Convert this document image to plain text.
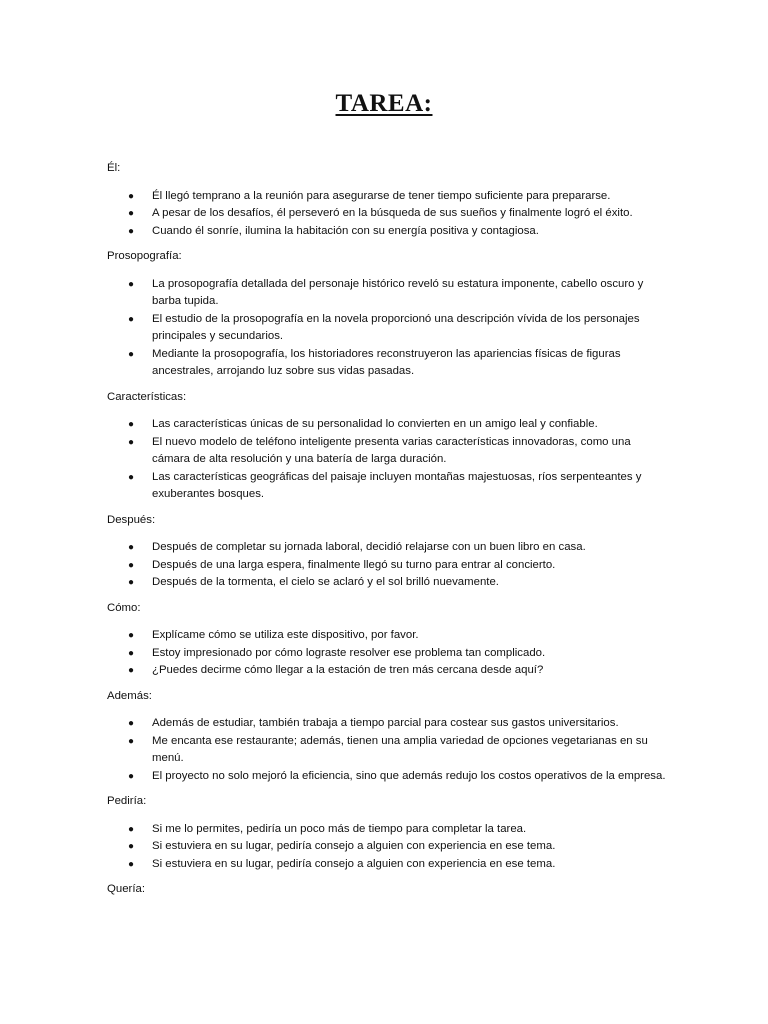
TAREA:
Él:
● Él llegó temprano a la reunión para asegurarse de tener tiempo suficiente para prepararse.
● A pesar de los desafíos, él perseveró en la búsqueda de sus sueños y finalmente logró el éxito.
● Cuando él sonríe, ilumina la habitación con su energía positiva y contagiosa.
Prosopografía:
● La prosopografía detallada del personaje histórico reveló su estatura imponente, cabello oscuro y barba tupida.
● El estudio de la prosopografía en la novela proporcionó una descripción vívida de los personajes principales y secundarios.
● Mediante la prosopografía, los historiadores reconstruyeron las apariencias físicas de figuras ancestrales, arrojando luz sobre sus vidas pasadas.
Características:
● Las características únicas de su personalidad lo convierten en un amigo leal y confiable.
● El nuevo modelo de teléfono inteligente presenta varias características innovadoras, como una cámara de alta resolución y una batería de larga duración.
● Las características geográficas del paisaje incluyen montañas majestuosas, ríos serpenteantes y exuberantes bosques.
Después:
● Después de completar su jornada laboral, decidió relajarse con un buen libro en casa.
● Después de una larga espera, finalmente llegó su turno para entrar al concierto.
● Después de la tormenta, el cielo se aclaró y el sol brilló nuevamente.
Cómo:
● Explícame cómo se utiliza este dispositivo, por favor.
● Estoy impresionado por cómo lograste resolver ese problema tan complicado.
● ¿Puedes decirme cómo llegar a la estación de tren más cercana desde aquí?
Además:
● Además de estudiar, también trabaja a tiempo parcial para costear sus gastos universitarios.
● Me encanta ese restaurante; además, tienen una amplia variedad de opciones vegetarianas en su menú.
● El proyecto no solo mejoró la eficiencia, sino que además redujo los costos operativos de la empresa.
Pediría:
● Si me lo permites, pediría un poco más de tiempo para completar la tarea.
● Si estuviera en su lugar, pediría consejo a alguien con experiencia en ese tema.
● Si estuviera en su lugar, pediría consejo a alguien con experiencia en ese tema.
Quería:
